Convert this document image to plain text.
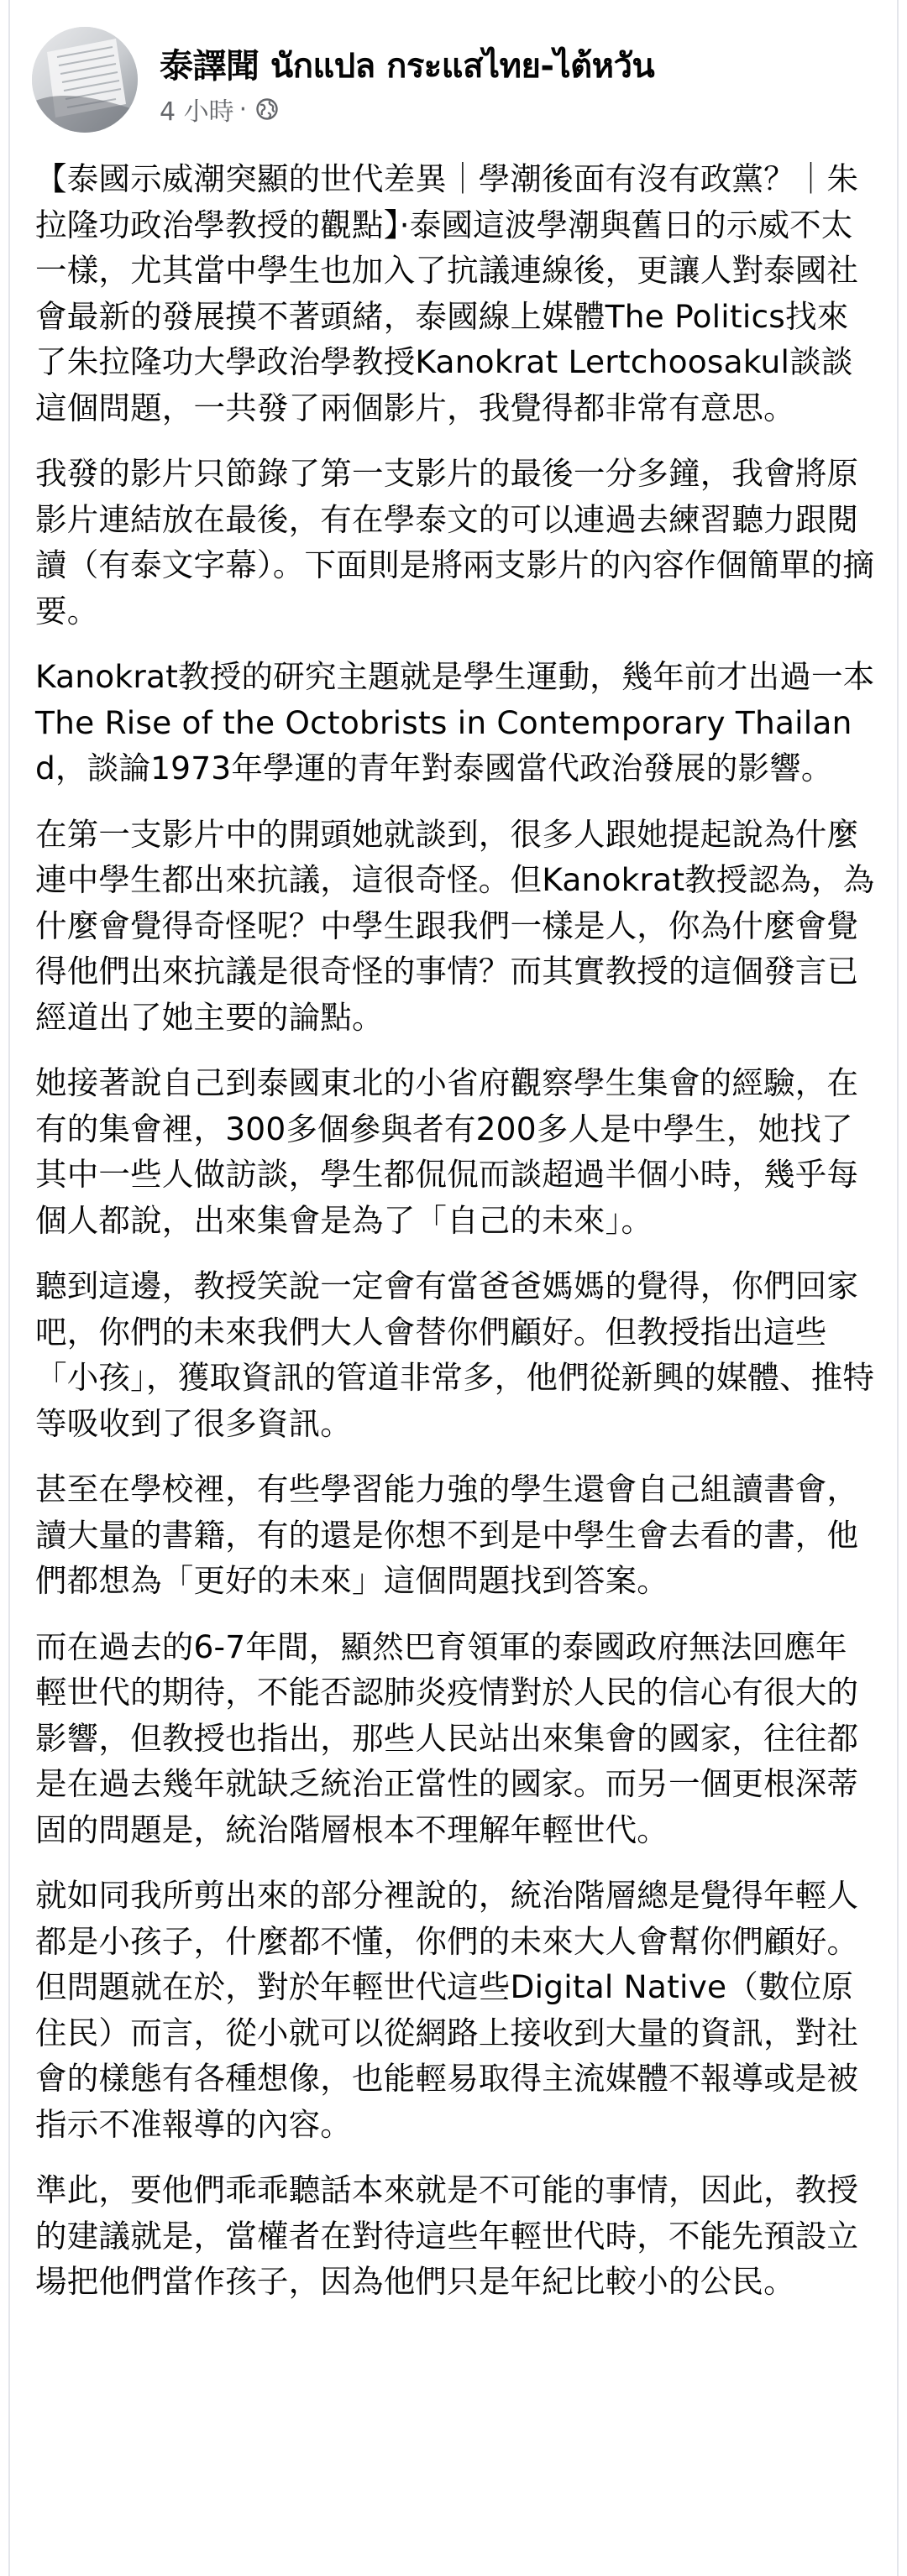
泰譯聞 นักแปล กระแสไทย-ไต้หวัน
4 小時 ·

【泰國示威潮突顯的世代差異｜學潮後面有沒有政黨？｜朱拉隆功政治學教授的觀點】·泰國這波學潮與舊日的示威不太一樣，尤其當中學生也加入了抗議連線後，更讓人對泰國社會最新的發展摸不著頭緒，泰國線上媒體The Politics找來了朱拉隆功大學政治學教授Kanokrat Lertchoosakul談談這個問題，一共發了兩個影片，我覺得都非常有意思。

我發的影片只節錄了第一支影片的最後一分多鐘，我會將原影片連結放在最後，有在學泰文的可以連過去練習聽力跟閱讀（有泰文字幕）。下面則是將兩支影片的內容作個簡單的摘要。

Kanokrat教授的研究主題就是學生運動，幾年前才出過一本The Rise of the Octobrists in Contemporary Thailand，談論1973年學運的青年對泰國當代政治發展的影響。

在第一支影片中的開頭她就談到，很多人跟她提起說為什麼連中學生都出來抗議，這很奇怪。但Kanokrat教授認為，為什麼會覺得奇怪呢？中學生跟我們一樣是人，你為什麼會覺得他們出來抗議是很奇怪的事情？而其實教授的這個發言已經道出了她主要的論點。

她接著說自己到泰國東北的小省府觀察學生集會的經驗，在有的集會裡，300多個參與者有200多人是中學生，她找了其中一些人做訪談，學生都侃侃而談超過半個小時，幾乎每個人都說，出來集會是為了「自己的未來」。

聽到這邊，教授笑說一定會有當爸爸媽媽的覺得，你們回家吧，你們的未來我們大人會替你們顧好。但教授指出這些「小孩」，獲取資訊的管道非常多，他們從新興的媒體、推特等吸收到了很多資訊。

甚至在學校裡，有些學習能力強的學生還會自己組讀書會，讀大量的書籍，有的還是你想不到是中學生會去看的書，他們都想為「更好的未來」這個問題找到答案。

而在過去的6-7年間，顯然巴育領軍的泰國政府無法回應年輕世代的期待，不能否認肺炎疫情對於人民的信心有很大的影響，但教授也指出，那些人民站出來集會的國家，往往都是在過去幾年就缺乏統治正當性的國家。而另一個更根深蒂固的問題是，統治階層根本不理解年輕世代。

就如同我所剪出來的部分裡說的，統治階層總是覺得年輕人都是小孩子，什麼都不懂，你們的未來大人會幫你們顧好。但問題就在於，對於年輕世代這些Digital Native（數位原住民）而言，從小就可以從網路上接收到大量的資訊，對社會的樣態有各種想像，也能輕易取得主流媒體不報導或是被指示不准報導的內容。

準此，要他們乖乖聽話本來就是不可能的事情，因此，教授的建議就是，當權者在對待這些年輕世代時，不能先預設立場把他們當作孩子，因為他們只是年紀比較小的公民。
